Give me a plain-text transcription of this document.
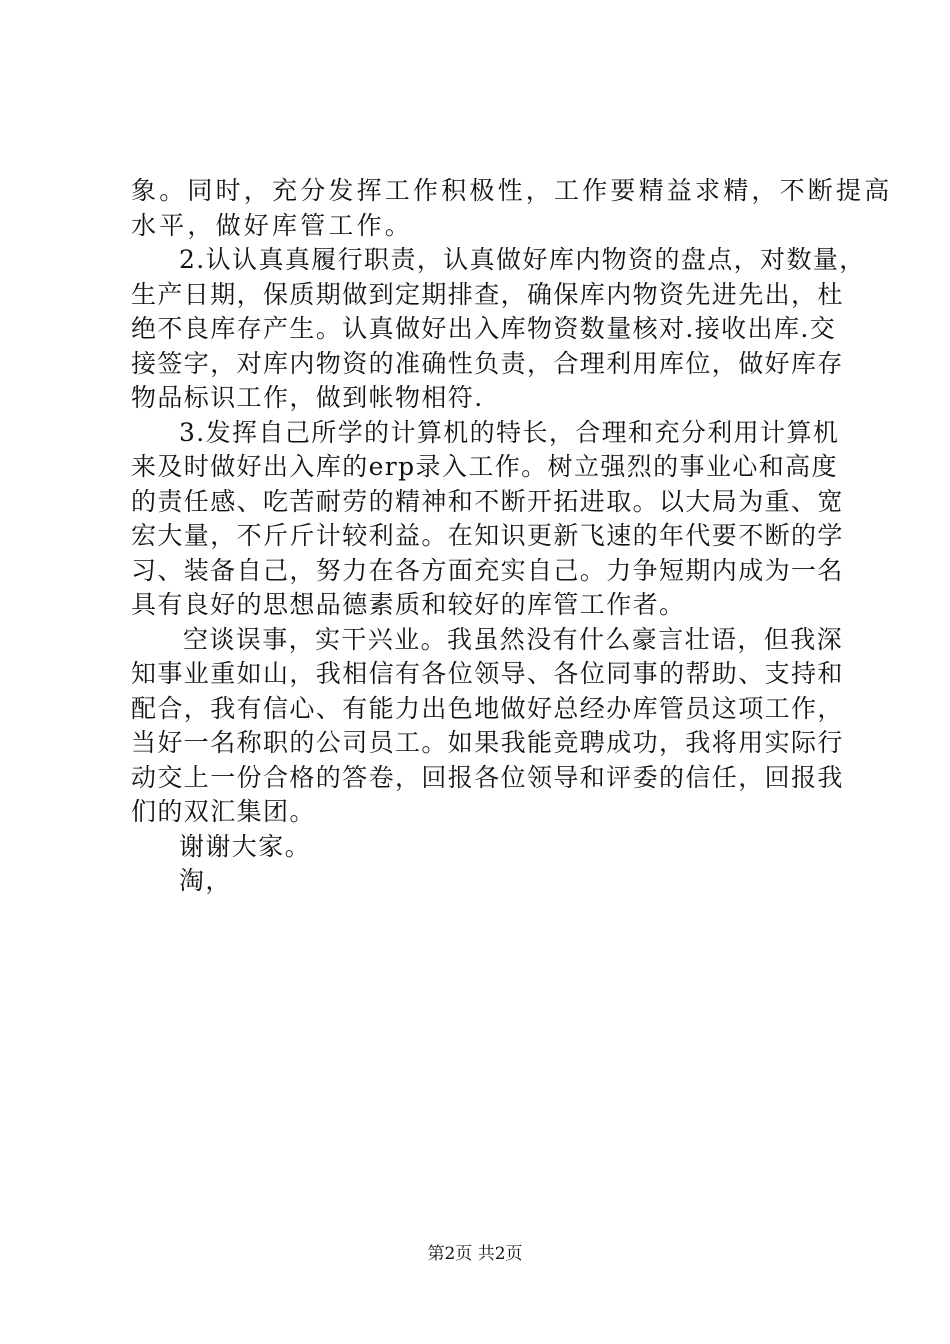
象。同时，充分发挥工作积极性，工作要精益求精，不断提高
水平，做好库管工作。
2.认认真真履行职责，认真做好库内物资的盘点，对数量，
生产日期，保质期做到定期排查，确保库内物资先进先出，杜
绝不良库存产生。认真做好出入库物资数量核对.接收出库.交
接签字，对库内物资的准确性负责，合理利用库位，做好库存
物品标识工作，做到帐物相符.
3.发挥自己所学的计算机的特长，合理和充分利用计算机
来及时做好出入库的erp录入工作。树立强烈的事业心和高度
的责任感、吃苦耐劳的精神和不断开拓进取。以大局为重、宽
宏大量，不斤斤计较利益。在知识更新飞速的年代要不断的学
习、装备自己，努力在各方面充实自己。力争短期内成为一名
具有良好的思想品德素质和较好的库管工作者。
空谈误事，实干兴业。我虽然没有什么豪言壮语，但我深
知事业重如山，我相信有各位领导、各位同事的帮助、支持和
配合，我有信心、有能力出色地做好总经办库管员这项工作，
当好一名称职的公司员工。如果我能竞聘成功，我将用实际行
动交上一份合格的答卷，回报各位领导和评委的信任，回报我
们的双汇集团。
谢谢大家。
淘，
第2页 共2页
